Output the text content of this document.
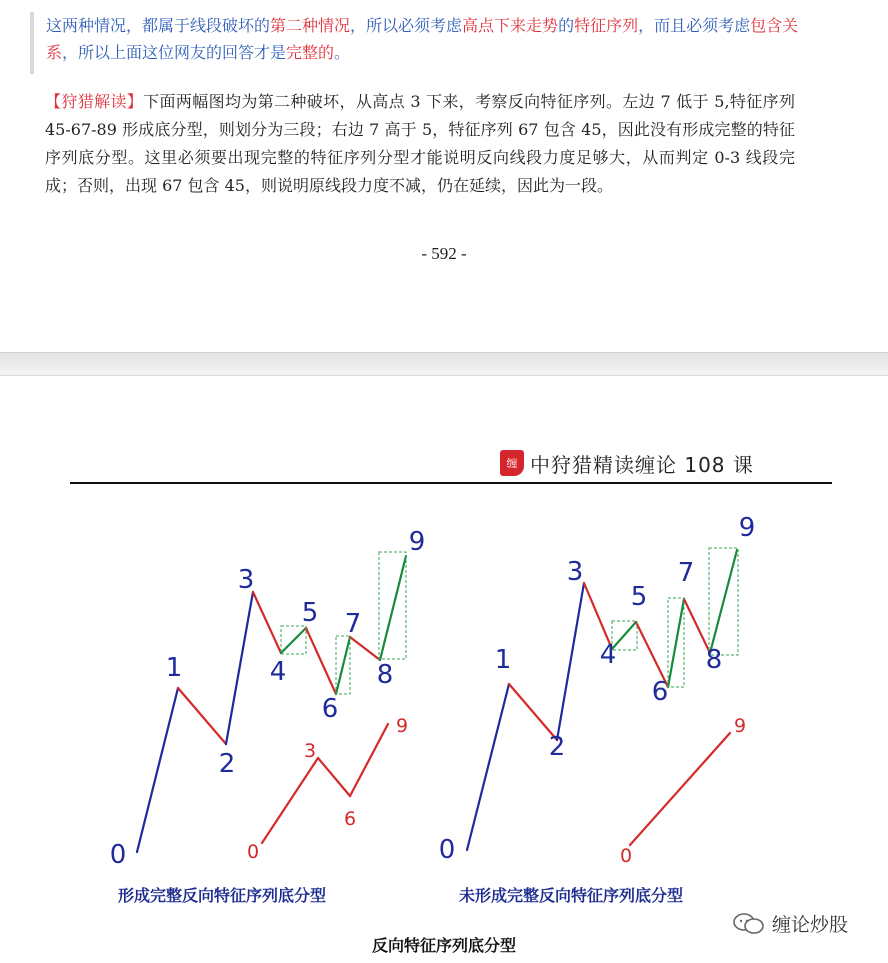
这两种情况，都属于线段破坏的第二种情况，所以必须考虑高点下来走势的特征序列，而且必须考虑包含关系，所以上面这位网友的回答才是完整的。
【狩猎解读】下面两幅图均为第二种破坏，从高点 3 下来，考察反向特征序列。左边 7 低于 5,特征序列 45-67-89 形成底分型，则划分为三段；右边 7 高于 5，特征序列 67 包含 45，因此没有形成完整的特征序列底分型。这里必须要出现完整的特征序列分型才能说明反向线段力度足够大，从而判定 0-3 线段完成；否则，出现 67 包含 45，则说明原线段力度不减，仍在延续，因此为一段。
- 592 -
缠 中狩猎精读缠论 108 课
0
1
2
3
4
5
6
7
8
9
0
3
6
9
0
1
2
3
4
5
6
7
8
9
0
9
形成完整反向特征序列底分型	未形成完整反向特征序列底分型
反向特征序列底分型
缠论炒股
